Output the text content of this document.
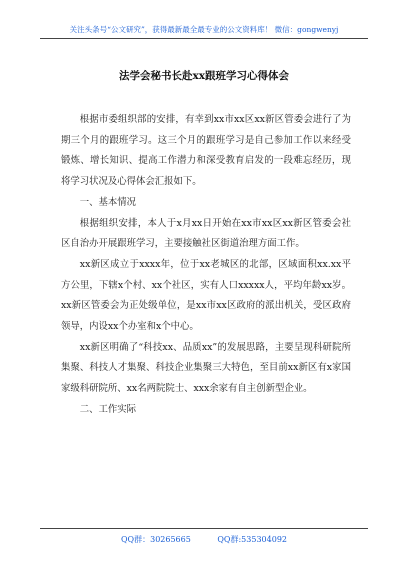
关注头条号“公文研究”，获得最新最全最专业的公文资料库！ 微信：gongwenyj
法学会秘书长赴xx跟班学习心得体会

根据市委组织部的安排，有幸到xx市xx区xx新区管委会进行了为期三个月的跟班学习。这三个月的跟班学习是自己参加工作以来经受锻炼、增长知识、提高工作潜力和深受教育启发的一段难忘经历，现将学习状况及心得体会汇报如下。

一、基本情况

根据组织安排，本人于x月xx日开始在xx市xx区xx新区管委会社区自治办开展跟班学习，主要接触社区街道治理方面工作。

xx新区成立于xxxx年，位于xx老城区的北部，区域面积xx.xx平方公里，下辖x个村、xx个社区，实有人口xxxxx人，平均年龄xx岁。xx新区管委会为正处级单位，是xx市xx区政府的派出机关，受区政府领导，内设xx个办室和x个中心。

xx新区明确了“科技xx、品质xx”的发展思路，主要呈现科研院所集聚、科技人才集聚、科技企业集聚三大特色，至目前xx新区有x家国家级科研院所、xx名两院院士、xxx余家有自主创新型企业。

二、工作实际

QQ群：30265665	QQ群:535304092
